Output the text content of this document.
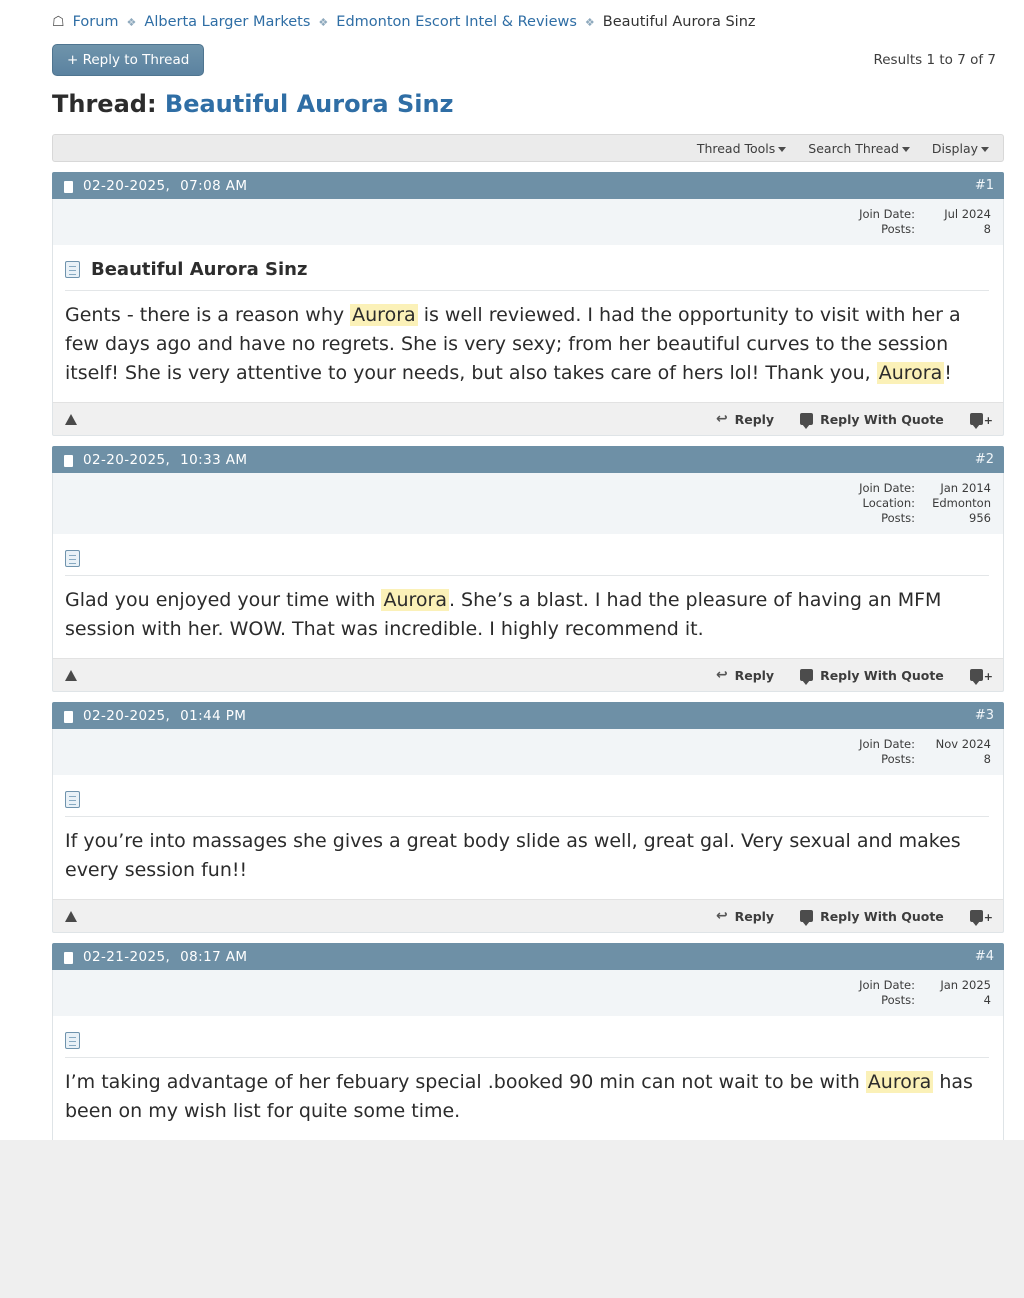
☖ Forum ❖ Alberta Larger Markets ❖ Edmonton Escort Intel & Reviews ❖ Beautiful Aurora Sinz
+ Reply to Thread	Results 1 to 7 of 7
Thread: Beautiful Aurora Sinz
Thread Tools	Search Thread	Display
02-20-2025, 07:08 AM	#1
Join Date:	Jul 2024
Posts:	8
Beautiful Aurora Sinz
Gents - there is a reason why Aurora is well reviewed. I had the opportunity to visit with her a few days ago and have no regrets. She is very sexy; from her beautiful curves to the session itself! She is very attentive to your needs, but also takes care of hers lol! Thank you, Aurora !
↪ Reply	Reply With Quote	+
02-20-2025, 10:33 AM	#2
Join Date:	Jan 2014
Location:	Edmonton
Posts:	956
Glad you enjoyed your time with Aurora . She’s a blast. I had the pleasure of having an MFM session with her. WOW. That was incredible. I highly recommend it.
↪ Reply	Reply With Quote	+
02-20-2025, 01:44 PM	#3
Join Date:	Nov 2024
Posts:	8
If you’re into massages she gives a great body slide as well, great gal. Very sexual and makes every session fun!!
↪ Reply	Reply With Quote	+
02-21-2025, 08:17 AM	#4
Join Date:	Jan 2025
Posts:	4
I’m taking advantage of her febuary special .booked 90 min can not wait to be with Aurora has been on my wish list for quite some time.
